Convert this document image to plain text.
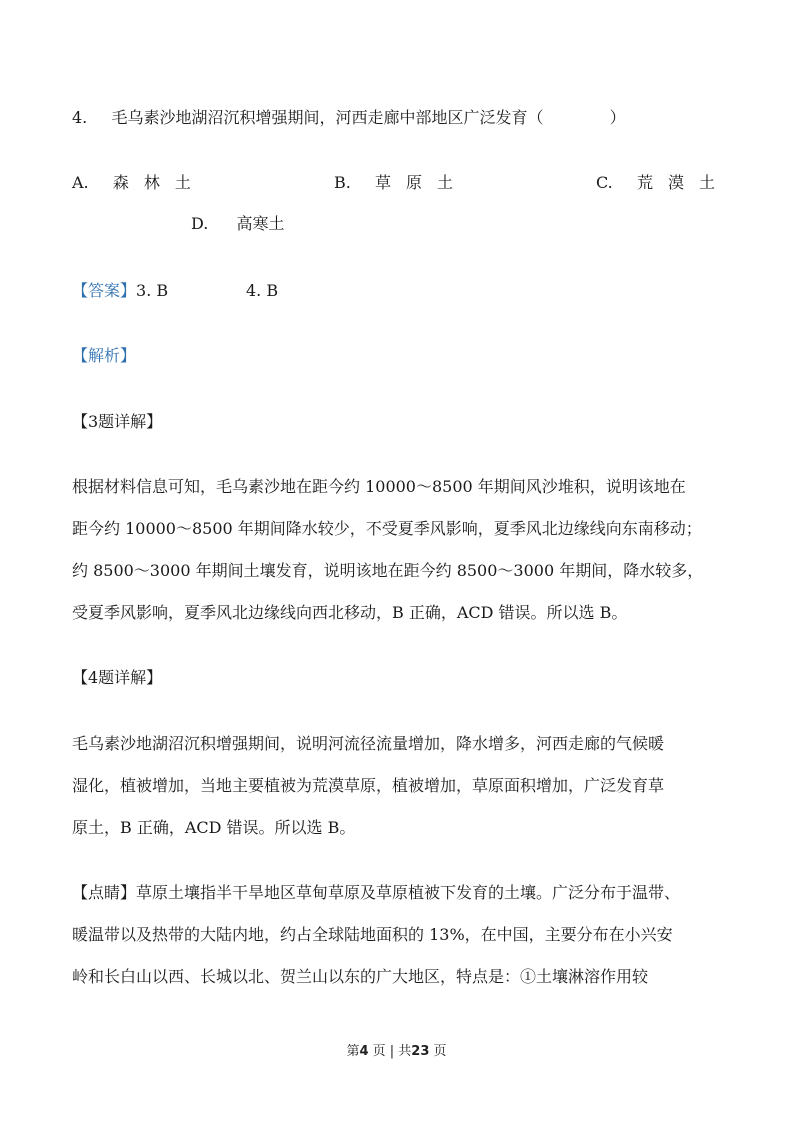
4. 毛乌素沙地湖沼沉积增强期间，河西走廊中部地区广泛发育（	）
A. 森林土	B. 草原土	C. 荒漠土
D. 高寒土
【答案】3. B	4. B
【解析】
【3题详解】
根据材料信息可知，毛乌素沙地在距今约 10000～8500 年期间风沙堆积，说明该地在
距今约 10000～8500 年期间降水较少，不受夏季风影响，夏季风北边缘线向东南移动；
约 8500～3000 年期间土壤发育，说明该地在距今约 8500～3000 年期间，降水较多，
受夏季风影响，夏季风北边缘线向西北移动，B 正确，ACD 错误。所以选 B。
【4题详解】
毛乌素沙地湖沼沉积增强期间，说明河流径流量增加，降水增多，河西走廊的气候暖
湿化，植被增加，当地主要植被为荒漠草原，植被增加，草原面积增加，广泛发育草
原土，B 正确，ACD 错误。所以选 B。
【点睛】草原土壤指半干旱地区草甸草原及草原植被下发育的土壤。广泛分布于温带、
暖温带以及热带的大陆内地，约占全球陆地面积的 13%，在中国，主要分布在小兴安
岭和长白山以西、长城以北、贺兰山以东的广大地区，特点是：①土壤淋溶作用较
第4 页 | 共23 页
